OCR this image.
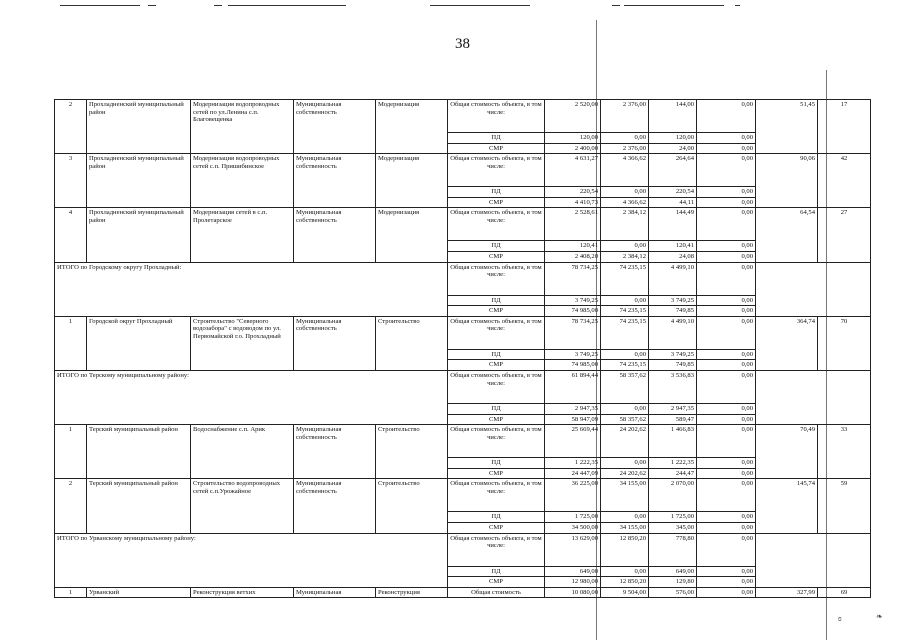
38
2	Прохладненский муниципальный район	Модернизация водопроводных сетей по ул.Ленина с.п. Благовещенка	Муниципальная собственность	Модернизация	Общая стоимость объекта, в том числе:	2 520,00	2 376,00	144,00	0,00	51,45	17
					ПД	120,00	0,00	120,00	0,00		
					СМР	2 400,00	2 376,00	24,00	0,00		
3	Прохладненский муниципальный район	Модернизация водопроводных сетей с.п. Пришибинское	Муниципальная собственность	Модернизация	Общая стоимость объекта, в том числе:	4 631,27	4 366,62	264,64	0,00	90,06	42
					ПД	220,54	0,00	220,54	0,00		
					СМР	4 410,73	4 366,62	44,11	0,00		
4	Прохладненский муниципальный район	Модернизация сетей в с.п. Пролетарское	Муниципальная собственность	Модернизация	Общая стоимость объекта, в том числе:	2 528,61	2 384,12	144,49	0,00	64,54	27
					ПД	120,41	0,00	120,41	0,00		
					СМР	2 408,20	2 384,12	24,08	0,00		
ИТОГО по Городскому округу Прохладный:					Общая стоимость объекта, в том числе:	78 734,25	74 235,15	4 499,10	0,00		
					ПД	3 749,25	0,00	3 749,25	0,00		
					СМР	74 985,00	74 235,15	749,85	0,00		
1	Городской округ Прохладный	Строительство "Северного водозабора" с водоводом по ул. Первомайской г.о. Прохладный	Муниципальная собственность	Строительство	Общая стоимость объекта, в том числе:	78 734,25	74 235,15	4 499,10	0,00	364,74	70
					ПД	3 749,25	0,00	3 749,25	0,00		
					СМР	74 985,00	74 235,15	749,85	0,00		
ИТОГО по Терскому муниципальному району:					Общая стоимость объекта, в том числе:	61 894,44	58 357,62	3 536,83	0,00		
					ПД	2 947,35	0,00	2 947,35	0,00		
					СМР	58 947,09	58 357,62	589,47	0,00		
1	Терский муниципальный район	Водоснабжение с.п. Арик	Муниципальная собственность	Строительство	Общая стоимость объекта, в том числе:	25 669,44	24 202,62	1 466,83	0,00	70,49	33
					ПД	1 222,35	0,00	1 222,35	0,00		
					СМР	24 447,09	24 202,62	244,47	0,00		
2	Терский муниципальный район	Строительство водопроводных сетей с.п.Урожайное	Муниципальная собственность	Строительство	Общая стоимость объекта, в том числе:	36 225,00	34 155,00	2 070,00	0,00	145,74	59
					ПД	1 725,00	0,00	1 725,00	0,00		
					СМР	34 500,00	34 155,00	345,00	0,00		
ИТОГО по Урванскому муниципальному району:					Общая стоимость объекта, в том числе:	13 629,00	12 850,20	778,80	0,00		
					ПД	649,00	0,00	649,00	0,00		
					СМР	12 980,00	12 850,20	129,80	0,00		
1	Урванский	Реконструкция ветхих	Муниципальная	Реконструкция	Общая стоимость	10 080,00	9 504,00	576,00	0,00	327,99	69
ɞ	❧
